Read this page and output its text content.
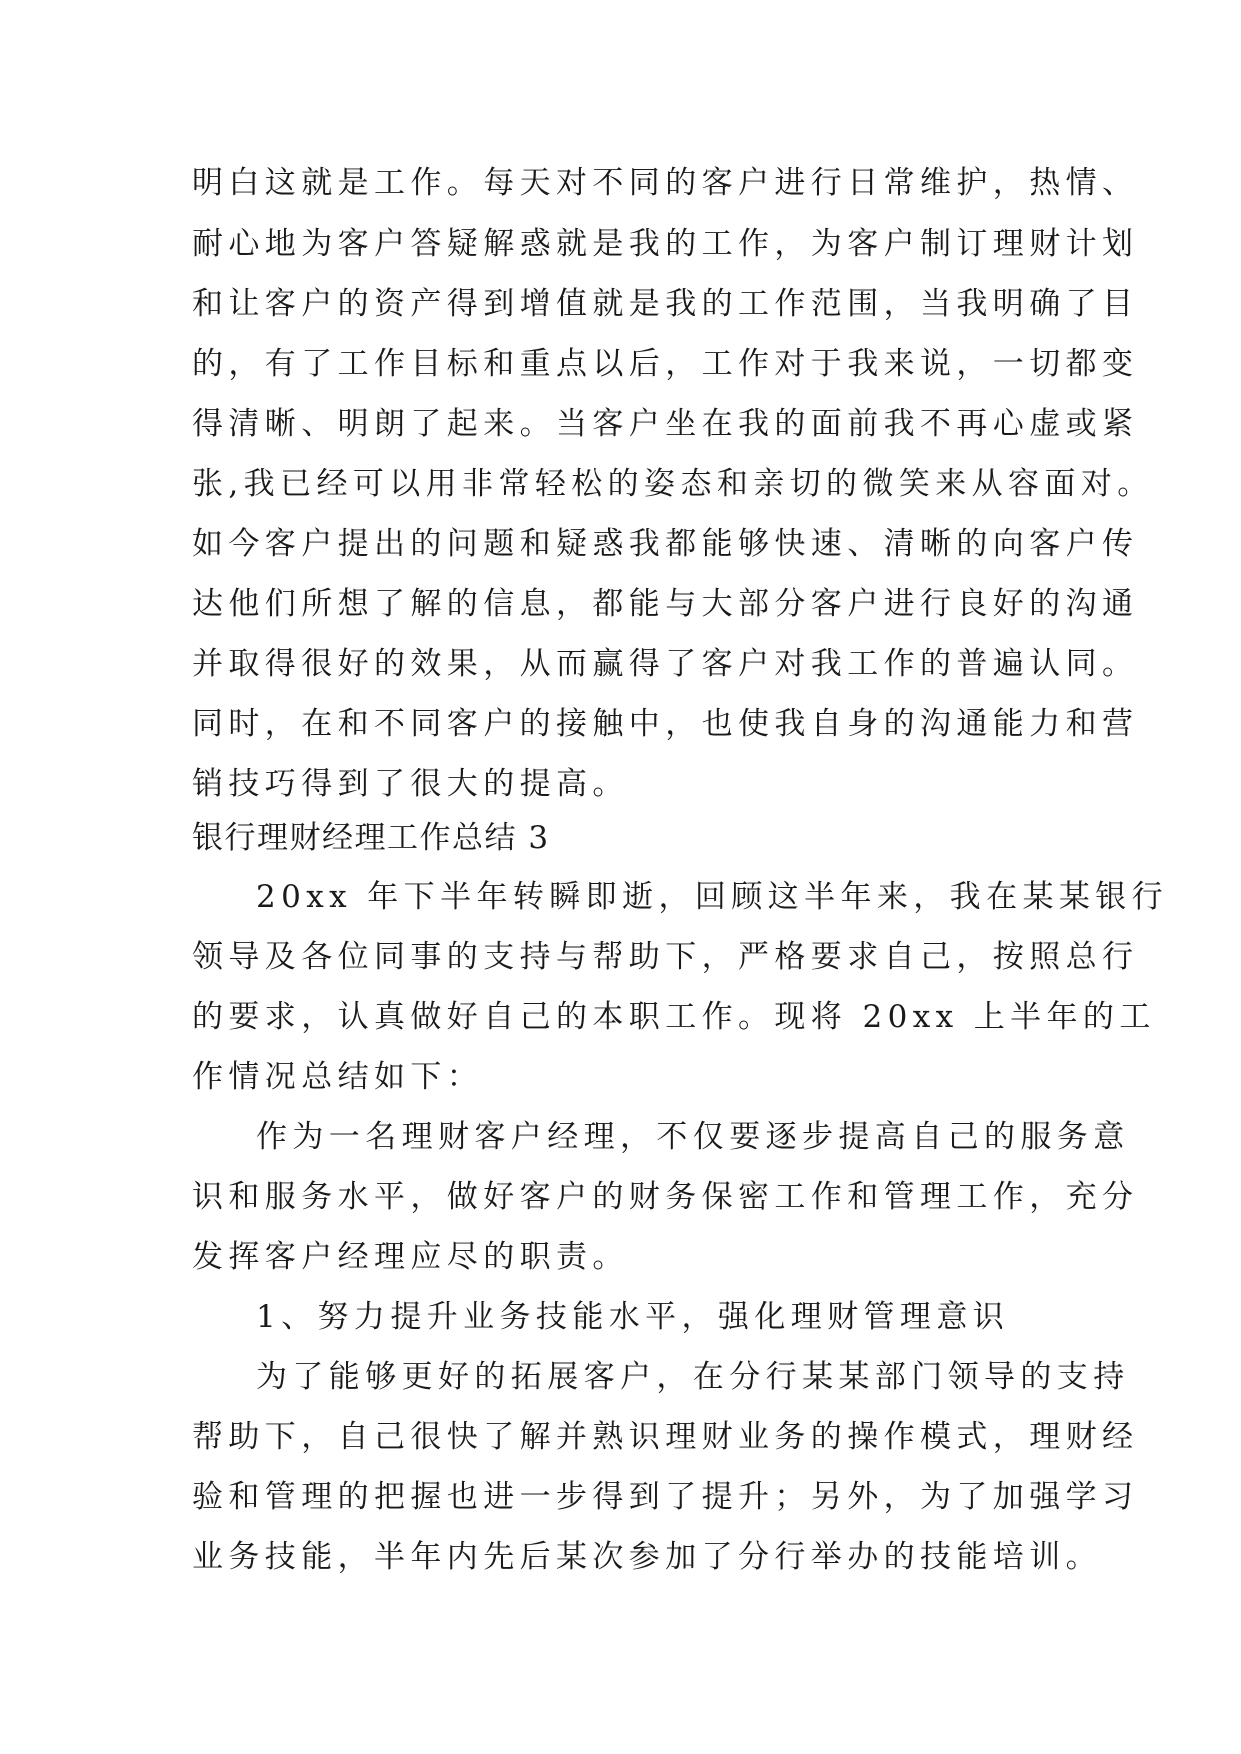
明白这就是工作。每天对不同的客户进行日常维护，热情、
耐心地为客户答疑解惑就是我的工作，为客户制订理财计划
和让客户的资产得到增值就是我的工作范围，当我明确了目
的，有了工作目标和重点以后，工作对于我来说，一切都变
得清晰、明朗了起来。当客户坐在我的面前我不再心虚或紧
张,我已经可以用非常轻松的姿态和亲切的微笑来从容面对。
如今客户提出的问题和疑惑我都能够快速、清晰的向客户传
达他们所想了解的信息，都能与大部分客户进行良好的沟通
并取得很好的效果，从而赢得了客户对我工作的普遍认同。
同时，在和不同客户的接触中，也使我自身的沟通能力和营
销技巧得到了很大的提高。
银行理财经理工作总结 3
20xx 年下半年转瞬即逝，回顾这半年来，我在某某银行
领导及各位同事的支持与帮助下，严格要求自己，按照总行
的要求，认真做好自己的本职工作。现将 20xx 上半年的工
作情况总结如下：
作为一名理财客户经理，不仅要逐步提高自己的服务意
识和服务水平，做好客户的财务保密工作和管理工作，充分
发挥客户经理应尽的职责。
1、努力提升业务技能水平，强化理财管理意识
为了能够更好的拓展客户，在分行某某部门领导的支持
帮助下，自己很快了解并熟识理财业务的操作模式，理财经
验和管理的把握也进一步得到了提升；另外，为了加强学习
业务技能，半年内先后某次参加了分行举办的技能培训。
